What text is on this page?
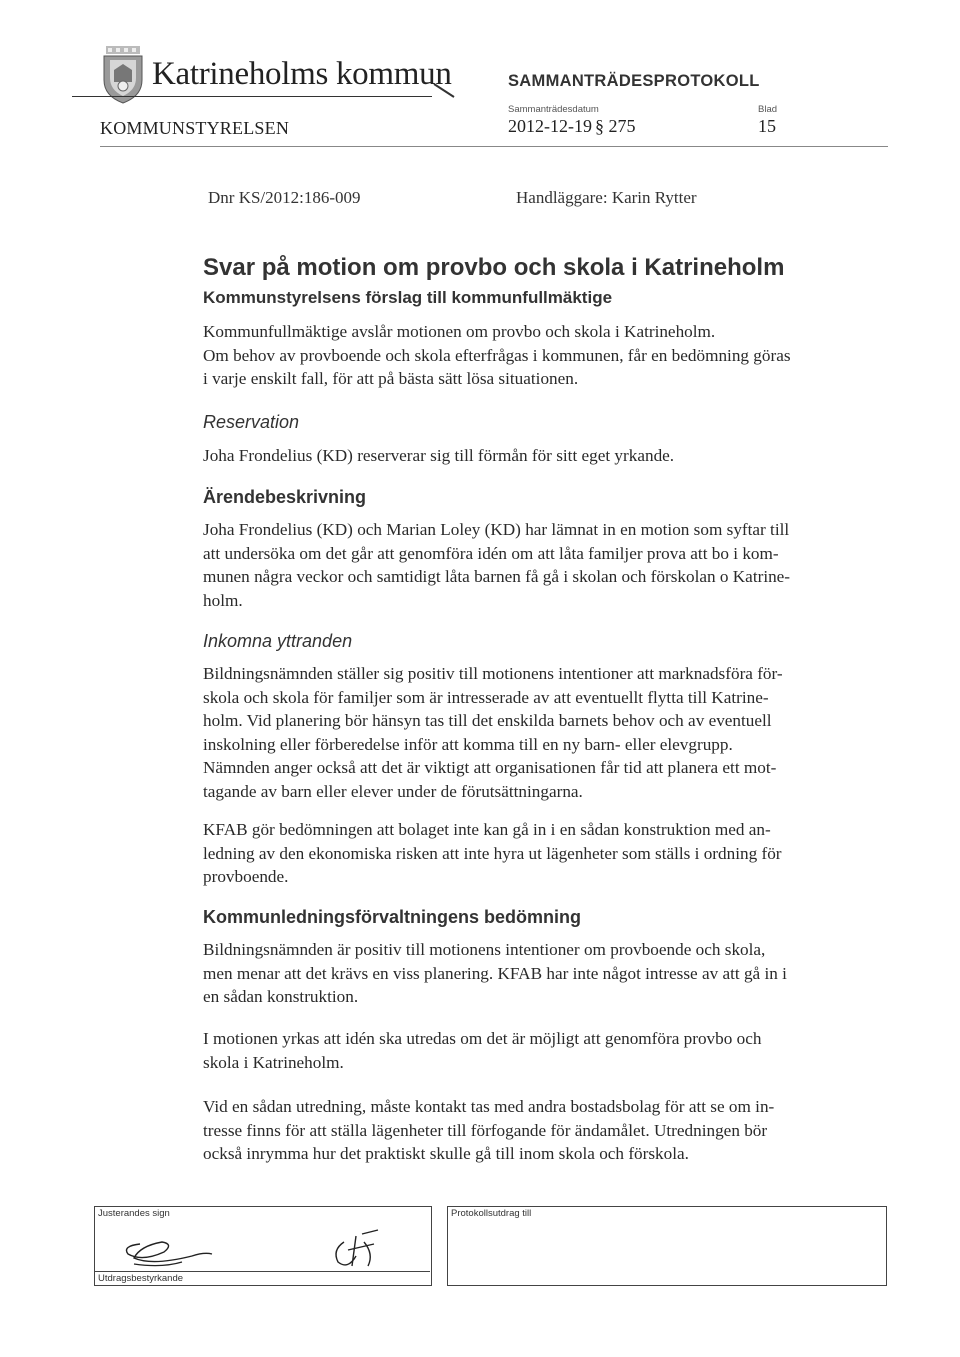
Katrineholms kommun	SAMMANTRÄDESPROTOKOLL
KOMMUNSTYRELSEN
Sammanträdesdatum
2012-12-19 § 275
Blad
15
Dnr KS/2012:186-009	Handläggare: Karin Rytter
Svar på motion om provbo och skola i Katrineholm
Kommunstyrelsens förslag till kommunfullmäktige
Kommunfullmäktige avslår motionen om provbo och skola i Katrineholm.
Om behov av provboende och skola efterfrågas i kommunen, får en bedömning göras
i varje enskilt fall, för att på bästa sätt lösa situationen.
Reservation
Joha Frondelius (KD) reserverar sig till förmån för sitt eget yrkande.
Ärendebeskrivning
Joha Frondelius (KD) och Marian Loley (KD) har lämnat in en motion som syftar till
att undersöka om det går att genomföra idén om att låta familjer prova att bo i kom-
munen några veckor och samtidigt låta barnen få gå i skolan och förskolan o Katrine-
holm.
Inkomna yttranden
Bildningsnämnden ställer sig positiv till motionens intentioner att marknadsföra för-
skola och skola för familjer som är intresserade av att eventuellt flytta till Katrine-
holm. Vid planering bör hänsyn tas till det enskilda barnets behov och av eventuell
inskolning eller förberedelse inför att komma till en ny barn- eller elevgrupp.
Nämnden anger också att det är viktigt att organisationen får tid att planera ett mot-
tagande av barn eller elever under de förutsättningarna.
KFAB gör bedömningen att bolaget inte kan gå in i en sådan konstruktion med an-
ledning av den ekonomiska risken att inte hyra ut lägenheter som ställs i ordning för
provboende.
Kommunledningsförvaltningens bedömning
Bildningsnämnden är positiv till motionens intentioner om provboende och skola,
men menar att det krävs en viss planering. KFAB har inte något intresse av att gå in i
en sådan konstruktion.
I motionen yrkas att idén ska utredas om det är möjligt att genomföra provbo och
skola i Katrineholm.
Vid en sådan utredning, måste kontakt tas med andra bostadsbolag för att se om in-
tresse finns för att ställa lägenheter till förfogande för ändamålet. Utredningen bör
också inrymma hur det praktiskt skulle gå till inom skola och förskola.
Justerandes sign
Utdragsbestyrkande
Protokollsutdrag till
